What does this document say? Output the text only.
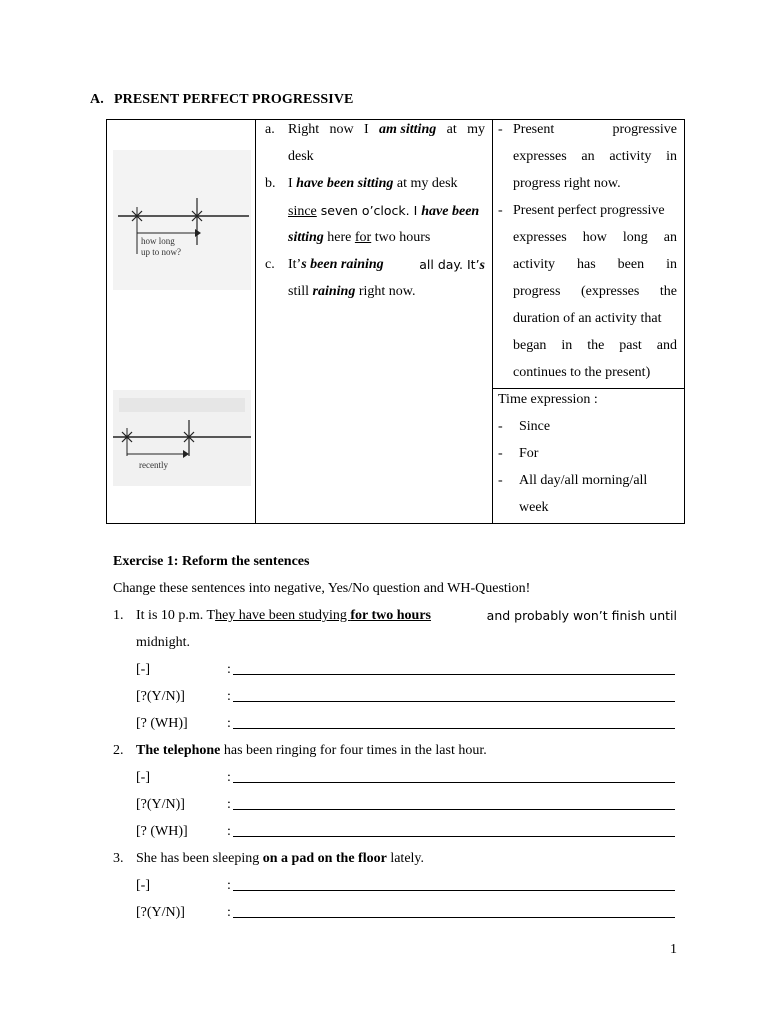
A. PRESENT PERFECT PROGRESSIVE
how long
up to now?
recently
a. Right now I am sitting at my
desk
b. I have been sitting at my desk
since seven o’clock. I have been
sitting here for two hours
c. It’s been raining	all day. It’s
still raining right now.
- Present	progressive
expresses an activity in
progress right now.
- Present perfect progressive
expresses how long an
activity has been in
progress (expresses the
duration of an activity that
began in the past and
continues to the present)
Time expression :
-	Since
-	For
-	All day/all morning/all
week
Exercise 1: Reform the sentences
Change these sentences into negative, Yes/No question and WH-Question!
1. It is 10 p.m. T hey have been studying for two hours	and probably won’t finish until
midnight.
[-]	:
[?(Y/N)]	:
[? (WH)]	:
2. The telephone has been ringing for four times in the last hour.
[-]	:
[?(Y/N)]	:
[? (WH)]	:
3. She has been sleeping on a pad on the floor lately.
[-]	:
[?(Y/N)]	:
1
